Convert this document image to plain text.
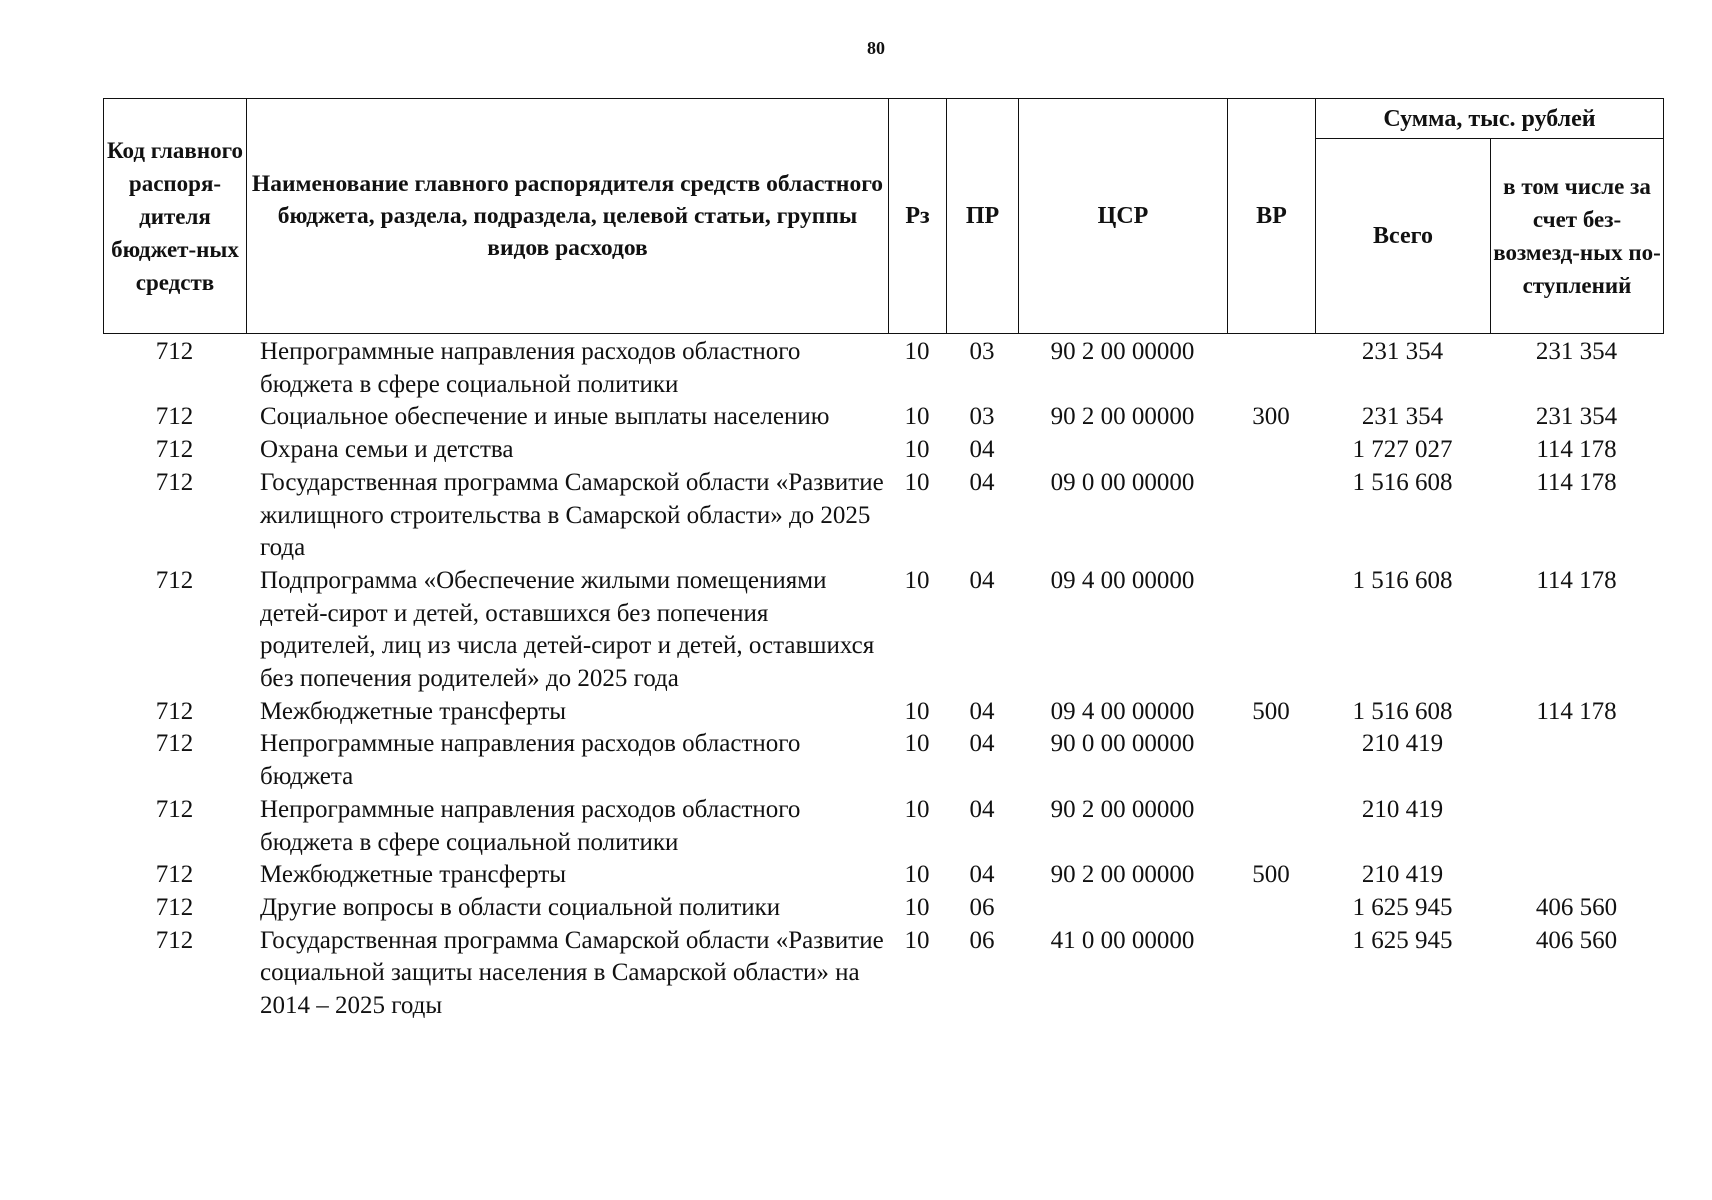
80
Код главного распоря-дителя бюджет-ных средств	Наименование главного распорядителя средств областного бюджета, раздела, подраздела, целевой статьи, группы видов расходов	Рз	ПР	ЦСР	ВР	Сумма, тыс. рублей	
						Всего	в том числе за счет без-возмезд-ных по-ступлений
712	Непрограммные направления расходов областного бюджета в сфере социальной политики	10	03	90 2 00 00000		231 354	231 354
712	Социальное обеспечение и иные выплаты населению	10	03	90 2 00 00000	300	231 354	231 354
712	Охрана семьи и детства	10	04			1 727 027	114 178
712	Государственная программа Самарской области «Развитие жилищного строительства в Самарской области» до 2025 года	10	04	09 0 00 00000		1 516 608	114 178
712	Подпрограмма «Обеспечение жилыми помещениями детей-сирот и детей, оставшихся без попечения родителей, лиц из числа детей-сирот и детей, оставшихся без попечения родителей» до 2025 года	10	04	09 4 00 00000		1 516 608	114 178
712	Межбюджетные трансферты	10	04	09 4 00 00000	500	1 516 608	114 178
712	Непрограммные направления расходов областного бюджета	10	04	90 0 00 00000		210 419	
712	Непрограммные направления расходов областного бюджета в сфере социальной политики	10	04	90 2 00 00000		210 419	
712	Межбюджетные трансферты	10	04	90 2 00 00000	500	210 419	
712	Другие вопросы в области социальной политики	10	06			1 625 945	406 560
712	Государственная программа Самарской области «Развитие социальной защиты населения в Самарской области» на 2014 – 2025 годы	10	06	41 0 00 00000		1 625 945	406 560
